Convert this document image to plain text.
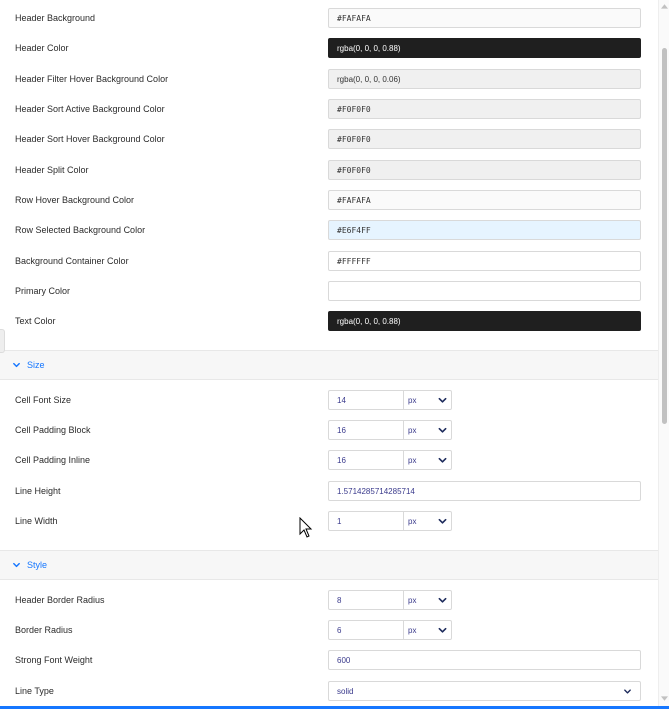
Header Background	#FAFAFA
Header Color	rgba(0, 0, 0, 0.88)
Header Filter Hover Background Color	rgba(0, 0, 0, 0.06)
Header Sort Active Background Color	#F0F0F0
Header Sort Hover Background Color	#F0F0F0
Header Split Color	#F0F0F0
Row Hover Background Color	#FAFAFA
Row Selected Background Color	#E6F4FF
Background Container Color	#FFFFFF
Primary Color
Text Color	rgba(0, 0, 0, 0.88)
Size
Cell Font Size	14	px
Cell Padding Block	16	px
Cell Padding Inline	16	px
Line Height	1.5714285714285714
Line Width	1	px
Style
Header Border Radius	8	px
Border Radius	6	px
Strong Font Weight	600
Line Type	solid
